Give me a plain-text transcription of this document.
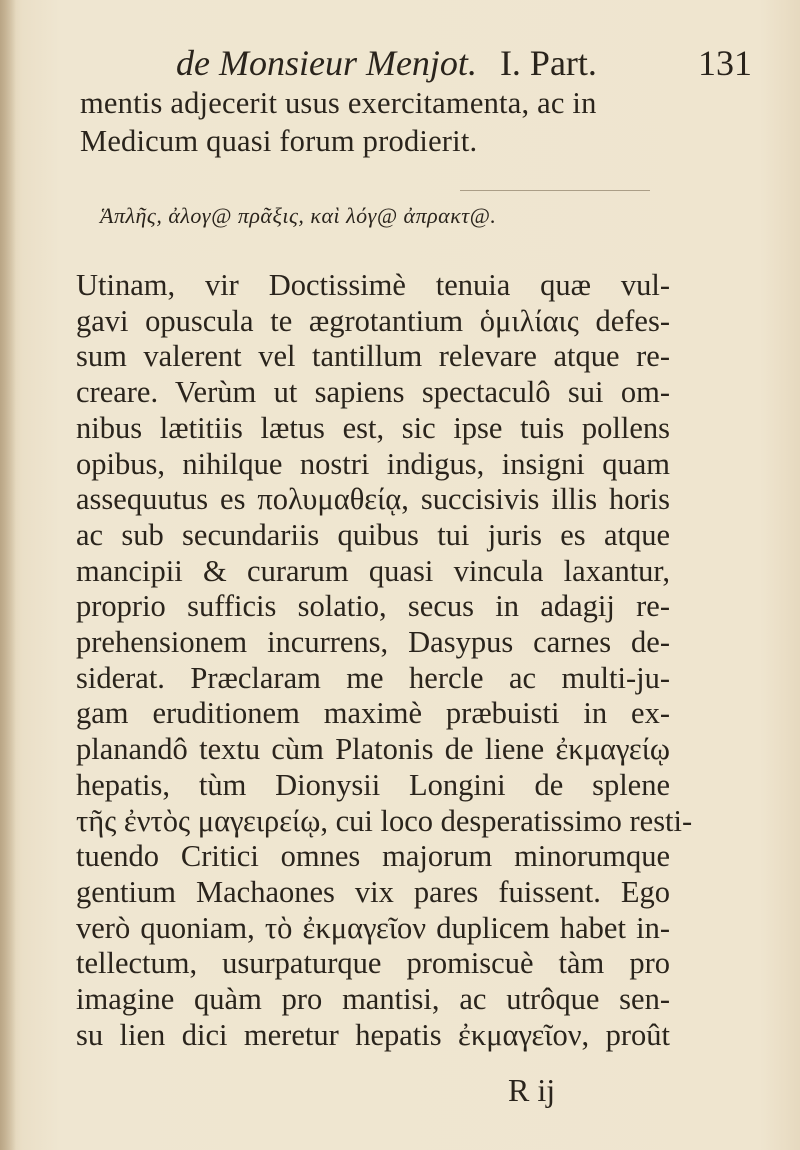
de Monsieur Menjot. I. Part.	131
mentis adjecerit usus exercitamenta, ac in
Medicum quasi forum prodierit.
Ἁπλῆς, ἀλογ@ πρᾶξις, καὶ λόγ@ ἀπρακτ@.
Utinam, vir Doctissimè tenuia quæ vul-
gavi opuscula te ægrotantium ὁμιλίαις defes-
sum valerent vel tantillum relevare atque re-
creare. Verùm ut sapiens spectaculô sui om-
nibus lætitiis lætus est, sic ipse tuis pollens
opibus, nihilque nostri indigus, insigni quam
assequutus es πολυμαθείᾳ, succisivis illis horis
ac sub secundariis quibus tui juris es atque
mancipii & curarum quasi vincula laxantur,
proprio sufficis solatio, secus in adagij re-
prehensionem incurrens, Dasypus carnes de-
siderat. Præclaram me hercle ac multi-ju-
gam eruditionem maximè præbuisti in ex-
planandô textu cùm Platonis de liene ἐκμαγείῳ
hepatis, tùm Dionysii Longini de splene
τῆς ἐντὸς μαγειρείῳ, cui loco desperatissimo resti-
tuendo Critici omnes majorum minorumque
gentium Machaones vix pares fuissent. Ego
verò quoniam, τὸ ἐκμαγεῖον duplicem habet in-
tellectum, usurpaturque promiscuè tàm pro
imagine quàm pro mantisi, ac utrôque sen-
su lien dici meretur hepatis ἐκμαγεῖον, proût
R ij
